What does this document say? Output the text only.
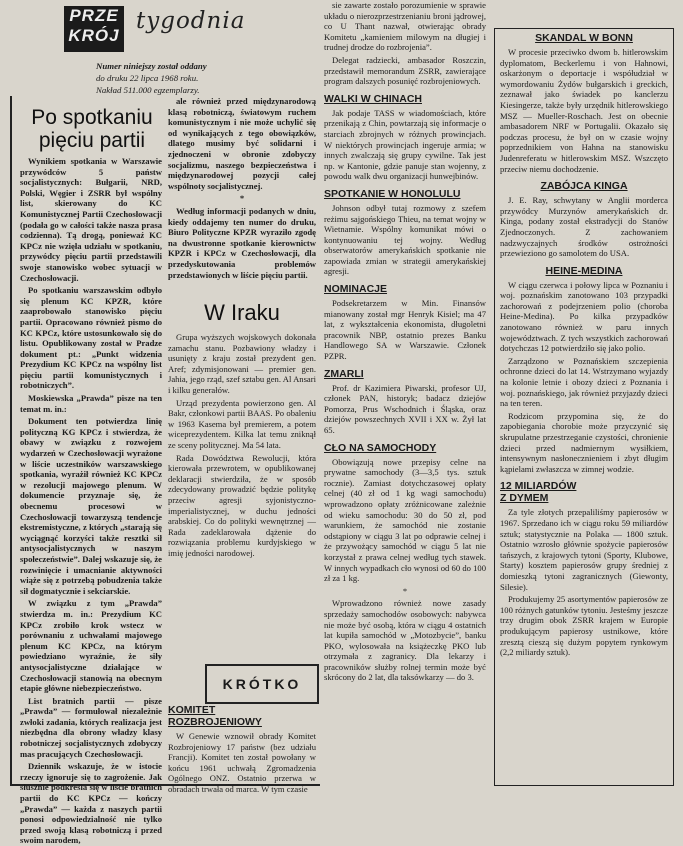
PRZE
KRÓJ
tygodnia
Numer niniejszy został oddany
do druku 22 lipca 1968 roku.
Nakład 511.000 egzemplarzy.
Po spotkaniu pięciu partii

Wynikiem spotkania w Warszawie przywódców 5 państw socjalistycznych: Bułgarii, NRD, Polski, Węgier i ZSRR był wspólny list, skierowany do KC Komunistycznej Partii Czechosłowacji (podała go w całości także nasza prasa codzienna). Tą drogą, poniewaź KC KPCz nie wzięła udziału w spotkaniu, przywódcy pięciu partii przedstawili swoje stanowisko wobec sytuacji w Czechosłowacji.

Po spotkaniu warszawskim odbyło się plenum KC KPZR, które zaaprobowało stanowisko pięciu partii. Opracowano również pismo do KC KPCz, które ustosunkowało się do listu. Opublikowany został w Pradze dokument pt.: „Punkt widzenia Prezydium KC KPCz na wspólny list pięciu partii komunistycznych i robotniczych”.

Moskiewska „Prawda” pisze na ten temat m. in.:

Dokument ten potwierdza linię polityczną KG KPCz i stwierdza, że obawy w związku z rozwojem wydarzeń w Czechosłowacji wyrażone w liście uczestników warszawskiego spotkania, wyrażił również KC KPCz w rezolucji majowego plenum. W dokumencie przyznaje się, że obecnemu procesowi w Czechosłowacji towarzyszą tendencje ekstremistyczne, z których „starają się wyciągnąć korzyści także resztki sił antysocjalistycznych w naszym społeczeństwie”. Dalej wskazuje się, że rozwinięcie i umacnianie aktywności wiąże się z potrzebą pobudzenia także sił dogmatycznie i sekciarskie.

W związku z tym „Prawda” stwierdza m. in.: Prezydium KC KPCz zrobiło krok wstecz w porównaniu z uchwałami majowego plenum KC KPCz, na którym powiedziano wyraźnie, że siły antysocjalistyczne działające w Czechosłowacji stanowią na obecnym etapie główne niebezpieczeństwo.

List bratnich partii — pisze „Prawda” — formułował niezależnie zwłoki zadania, których realizacja jest niezbędna dla obrony władzy klasy robotniczej socjalistycznych zdobyczy mas pracujących Czechosłowacji.

Dziennik wskazuje, że w istocie rzeczy ignoruje się to zagrożenie. Jak słusznie podkreśla się w liście bratnich partii do KC KPCz — kończy „Prawda” — każda z naszych partii ponosi odpowiedzialność nie tylko przed swoją klasą robotniczą i przed swoim narodem,

ale również przed międzynarodową klasą robotniczą, światowym ruchem komunistycznym i nie może uchylić się od wynikających z tego obowiązków, dlatego musimy być solidarni i zjednoczeni w obronie zdobyczy socjalizmu, naszego bezpieczeństwa i międzynarodowej pozycji całej wspólnoty socjalistycznej.

*

Według informacji podanych w dniu, kiedy oddajemy ten numer do druku, Biuro Polityczne KPZR wyraziło zgodę na dwustronne spotkanie kierownictw KPZR i KPCz w Czechosłowacji, dla przedyskutowania problemów przedstawionych w liście pięciu partii.

W Iraku

Grupa wyższych wojskowych dokonała zamachu stanu. Pozbawiony władzy i usunięty z kraju został prezydent gen. Aref; zdymisjonowani — premier gen. Jahia, jego rząd, szef sztabu gen. Al Ansari i kilku generałów.

Urząd prezydenta powierzono gen. Al Bakr, członkowi partii BAAS. Po obaleniu w 1963 Kasema był premierem, a potem wiceprezydentem. Kilka lat temu zniknął ze sceny politycznej. Ma 54 lata.

Rada Dowództwa Rewolucji, która kierowała przewrotem, w opublikowanej deklaracji stwierdziła, że w sposób zdecydowany prowadzić będzie politykę przeciw agresji syjonistyczno-imperialistycznej, w duchu jedności arabskiej. Co do polityki wewnętrznej — Rada zadeklarowała dążenie do rozwiązania problemu kurdyjskiego w imię jedności narodowej.

KRÓTKO
KOMITET
ROZBROJENIOWY

W Genewie wznowił obrady Komitet Rozbrojeniowy 17 państw (bez udziału Francji). Komitet ten został powołany w końcu 1961 uchwałą Zgromadzenia Ogólnego ONZ. Ostatnio przerwa w obradach trwała od marca. W tym czasie

sie zawarte zostało porozumienie w sprawie układu o nierozprzestrzenianiu broni jądrowej, co U Thant nazwał, otwierając obrady Komitetu „kamieniem milowym na długiej i trudnej drodze do rozbrojenia”.

Delegat radziecki, ambasador Roszczin, przedstawił memorandum ZSRR, zawierające program dalszych posunięć rozbrojeniowych.

WALKI W CHINACH

Jak podaje TASS w wiadomościach, które przenikają z Chin, powtarzają się informacje o starciach zbrojnych w różnych prowincjach. W niektórych prowincjach ingeruje armia; w innych zwalczają się grupy cywilne. Tak jest np. w Kantonie, gdzie panuje stan wojenny, z powodu walk dwu organizacji hunwejbinów.

SPOTKANIE W HONOLULU

Johnson odbył tutaj rozmowy z szefem reżimu sajgońskiego Thieu, na temat wojny w Wietnamie. Wspólny komunikat mówi o kontynuowaniu tej wojny. Według obserwatorów amerykańskich spotkanie nie zapowiada zmian w strategii amerykańskiej agresji.

NOMINACJE

Podsekretarzem w Min. Finansów mianowany został mgr Henryk Kisiel; ma 47 lat, z wykształcenia ekonomista, długoletni pracownik NBP, ostatnio prezes Banku Handlowego SA w Warszawie. Członek PZPR.

ZMARLI

Prof. dr Kazimiera Piwarski, profesor UJ, członek PAN, historyk; badacz dziejów Pomorza, Prus Wschodnich i Śląska, oraz dziejów powszechnych XVII i XX w. Żył lat 65.

CŁO NA SAMOCHODY

Obowiązują nowe przepisy celne na prywatne samochody (3—3,5 tys. sztuk rocznie). Zamiast dotychczasowej opłaty celnej (40 zł od 1 kg wagi samochodu) wprowadzono opłaty zróżnicowane zależnie od wieku samochodu: 30 do 50 zł, pod warunkiem, że samochód nie zostanie odstąpiony w ciągu 3 lat po odprawie celnej i że przywożący samochód w ciągu 5 lat nie korzystał z prawa celnej według tych stawek. W innych wypadkach cło wynosi od 60 do 100 zł za 1 kg.

*

Wprowadzono również nowe zasady sprzedaży samochodów osobowych: nabywca nie może być osobą, która w ciągu 4 ostatnich lat kupiła samochód w „Motozbycie”, banku PKO, wylosowała na książeczkę PKO lub otrzymała z zagranicy. Dla lekarzy i pracowników służby rolnej termin może być skrócony do 2 lat, dla taksówkarzy — do 3.

SKANDAL W BONN

W procesie przeciwko dwom b. hitlerowskim dyplomatom, Beckerlemu i von Hahnowi, oskarżonym o deportacje i współudział w wymordowaniu Żydów bułgarskich i greckich, zeznawał jako świadek po kanclerzu Kiesingerze, także były urzędnik hitlerowskiego MSZ — Mueller-Roschach. Jest on obecnie ambasadorem NRF w Portugalii. Okazało się podczas procesu, że był on w czasie wojny poprzednikiem von Hahna na stanowisku Judenreferatu w hitlerowskim MSZ. Wszczęto przeciw niemu dochodzenie.

ZABÓJCA KINGA

J. E. Ray, schwytany w Anglii morderca przywódcy Murzynów amerykańskich dr. Kinga, podany został ekstradycji do Stanów Zjednoczonych. Z zachowaniem nadzwyczajnych środków ostrożności przewieziono go samolotem do USA.

HEINE-MEDINA

W ciągu czerwca i połowy lipca w Poznaniu i woj. poznańskim zanotowano 103 przypadki zachorowań z podejrzeniem polio (choroba Heine-Medina). Po kilka przypadków zanotowano również w paru innych województwach. Z tych wszystkich zachorowań dotychczas 12 potwierdziło się jako polio.

Zarządzono w Poznańskiem szczepienia ochronne dzieci do lat 14. Wstrzymano wyjazdy na kolonie letnie i obozy dzieci z Poznania i woj. poznańskiego, jak również przyjazdy dzieci na ten teren.

Rodzicom przypomina się, że do zapobiegania chorobie może przyczynić się skrupulatne przestrzeganie czystości, chronienie dzieci przed nadmiernym wysiłkiem, intensywnym nasłonecznieniem i zbyt długim kąpielami zwłaszcza w zimnej wodzie.

12 MILIARDÓW
Z DYMEM

Za tyle złotych przepaliliśmy papierosów w 1967. Sprzedano ich w ciągu roku 59 miliardów sztuk; statystycznie na Polaka — 1800 sztuk. Ostatnio wzrosło głównie spożycie papierosów tańszych, z krajowych tytoni (Sporty, Klubowe, Starty) kosztem papierosów grupy średniej z domieszką tytoni zagranicznych (Giewonty, Silesie).

Produkujemy 25 asortymentów papierosów ze 100 różnych gatunków tytoniu. Jesteśmy jeszcze trzy drugim obok ZSRR krajem w Europie produkującym papierosy ustnikowe, które zresztą cieszą się dużym popytem rynkowym (2,2 miliardy sztuk).
